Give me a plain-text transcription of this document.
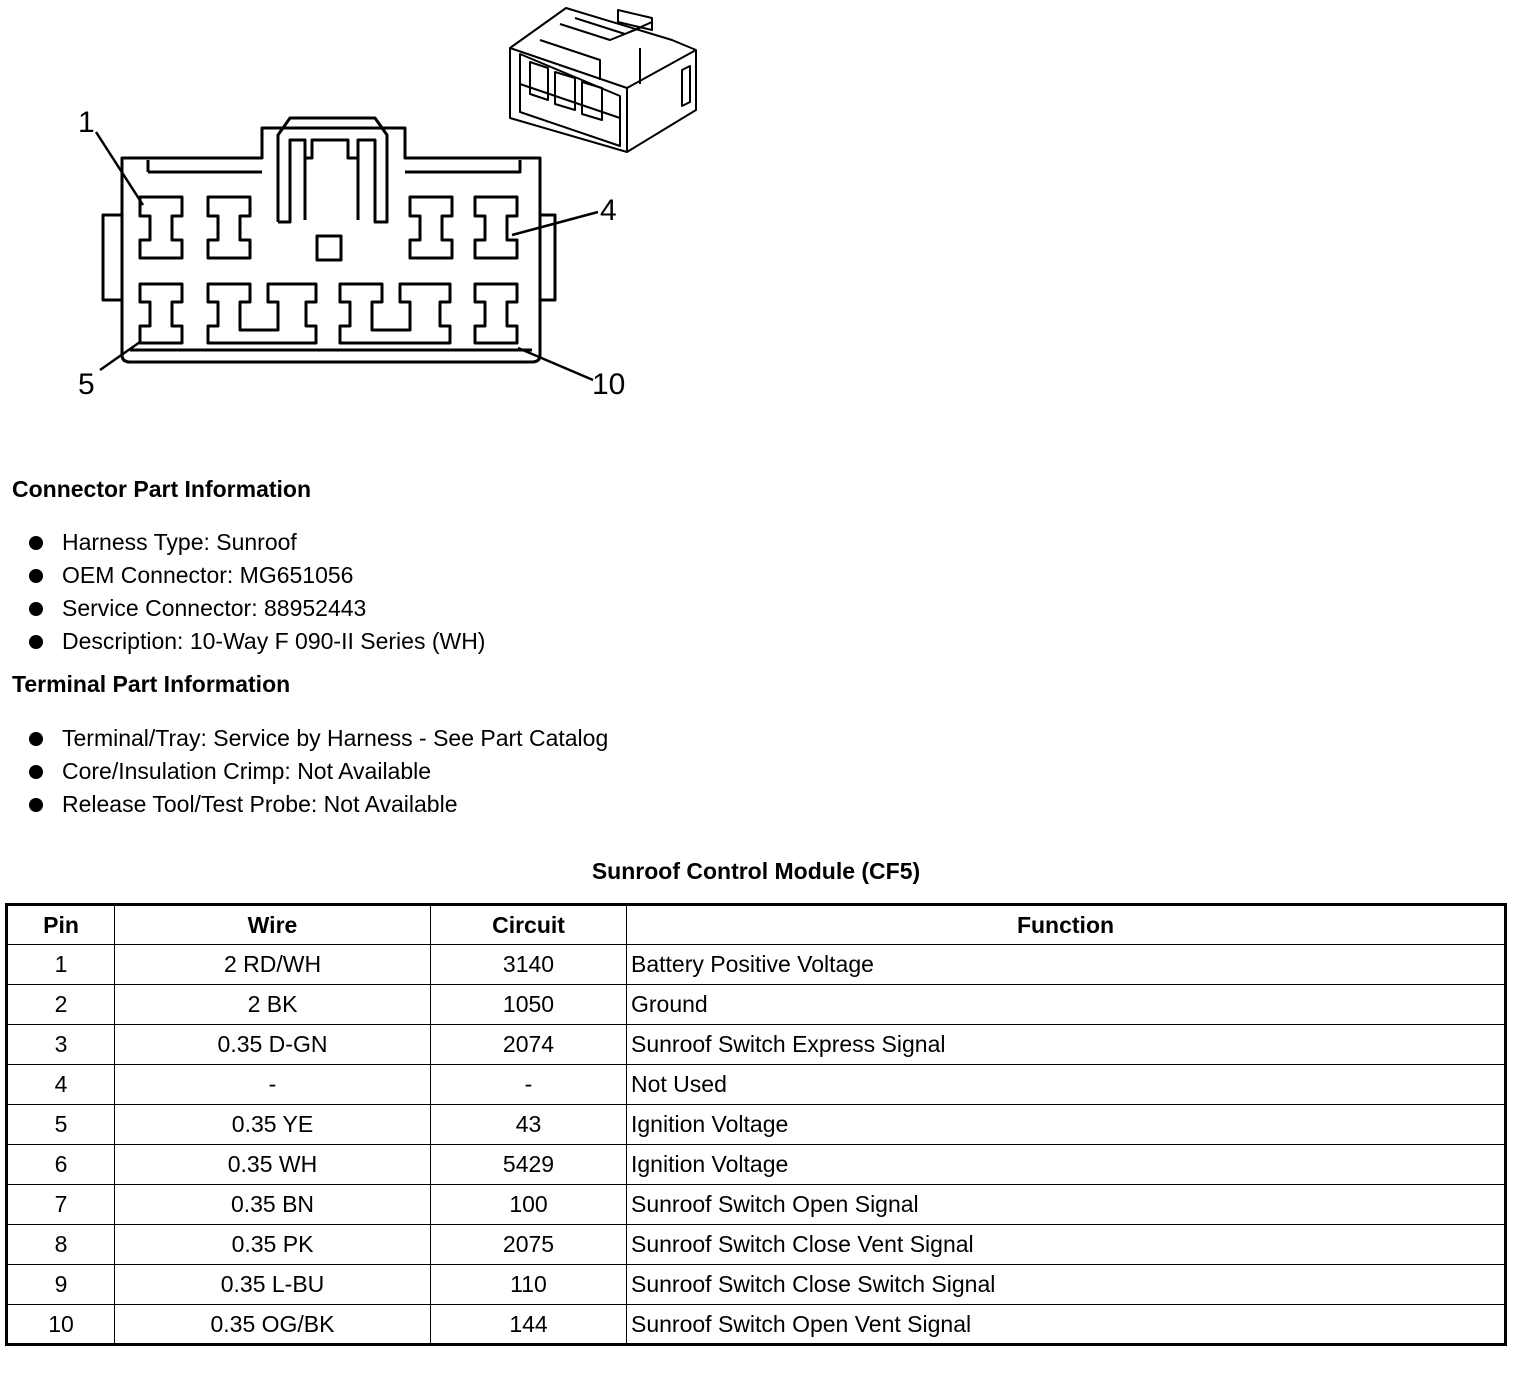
1
4
5	10
Connector Part Information
Harness Type: Sunroof
OEM Connector: MG651056
Service Connector: 88952443
Description: 10-Way F 090-II Series (WH)
Terminal Part Information
Terminal/Tray: Service by Harness - See Part Catalog
Core/Insulation Crimp: Not Available
Release Tool/Test Probe: Not Available
Sunroof Control Module (CF5)
Pin	Wire	Circuit	Function
1	2 RD/WH	3140	Battery Positive Voltage
2	2 BK	1050	Ground
3	0.35 D-GN	2074	Sunroof Switch Express Signal
4	-	-	Not Used
5	0.35 YE	43	Ignition Voltage
6	0.35 WH	5429	Ignition Voltage
7	0.35 BN	100	Sunroof Switch Open Signal
8	0.35 PK	2075	Sunroof Switch Close Vent Signal
9	0.35 L-BU	110	Sunroof Switch Close Switch Signal
10	0.35 OG/BK	144	Sunroof Switch Open Vent Signal
